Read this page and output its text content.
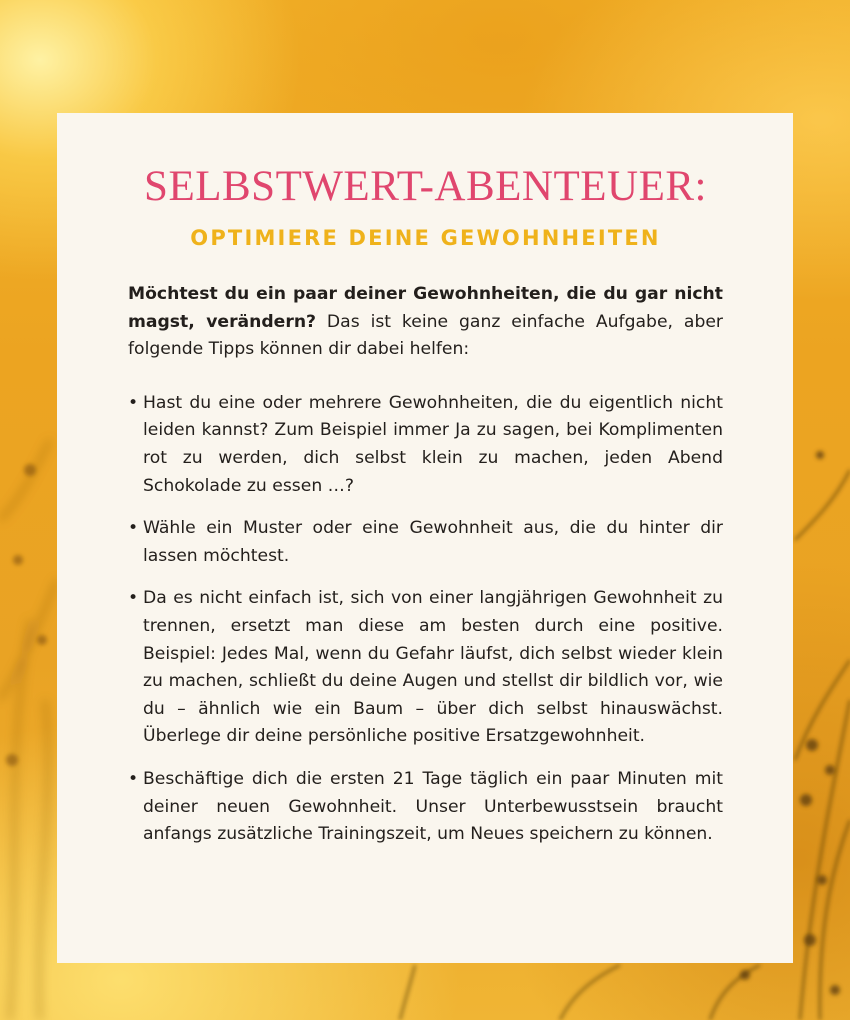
SELBSTWERT-ABENTEUER:
OPTIMIERE DEINE GEWOHNHEITEN

Möchtest du ein paar deiner Gewohnheiten, die du gar nicht magst, verändern? Das ist keine ganz einfache Aufgabe, aber folgende Tipps können dir dabei helfen:

• Hast du eine oder mehrere Gewohnheiten, die du eigentlich nicht leiden kannst? Zum Beispiel immer Ja zu sagen, bei Komplimenten rot zu werden, dich selbst klein zu machen, jeden Abend Schokolade zu essen …?
• Wähle ein Muster oder eine Gewohnheit aus, die du hinter dir lassen möchtest.
• Da es nicht einfach ist, sich von einer langjährigen Gewohnheit zu trennen, ersetzt man diese am besten durch eine positive. Beispiel: Jedes Mal, wenn du Gefahr läufst, dich selbst wieder klein zu machen, schließt du deine Augen und stellst dir bildlich vor, wie du – ähnlich wie ein Baum – über dich selbst hinauswächst. Überlege dir deine persönliche positive Ersatzgewohnheit.
• Beschäftige dich die ersten 21 Tage täglich ein paar Minuten mit deiner neuen Gewohnheit. Unser Unterbewusstsein braucht anfangs zusätzliche Trainingszeit, um Neues speichern zu können.
